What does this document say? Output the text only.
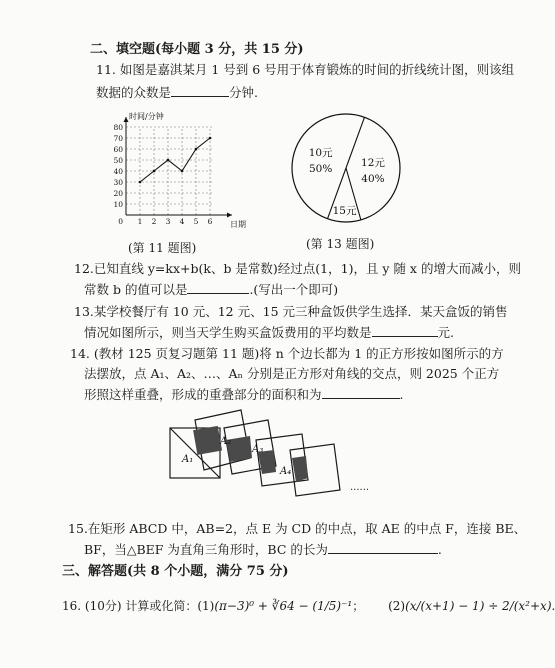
二、填空题(每小题 3 分，共 15 分)
11. 如图是嘉淇某月 1 号到 6 号用于体育锻炼的时间的折线统计图，则该组
数据的众数是	分钟.
10
20
30
40
50
60
70
80
1 2 3 4 5 6
0
时间/分钟
日期
12元
40%
15元
10元
50%
(第 11 题图)	(第 13 题图)
12.已知直线 y=kx+b(k、b 是常数)经过点(1，1)，且 y 随 x 的增大而减小，则
常数 b 的值可以是	.(写出一个即可)
13.某学校餐厅有 10 元、12 元、15 元三种盒饭供学生选择．某天盒饭的销售
情况如图所示，则当天学生购买盒饭费用的平均数是	元.
14. (教材 125 页复习题第 11 题)将 n 个边长都为 1 的正方形按如图所示的方
法摆放，点 A₁、A₂、…、Aₙ 分别是正方形对角线的交点，则 2025 个正方
形照这样重叠，形成的重叠部分的面积和为	.
A₁
A₂
A₃
A₄
......
15.在矩形 ABCD 中，AB=2，点 E 为 CD 的中点，取 AE 的中点 F，连接 BE、
BF，当△BEF 为直角三角形时，BC 的长为	.
三、解答题(共 8 个小题，满分 75 分)
16. (10分) 计算或化简：(1)(π−3)⁰ + ∛64 − (1/5)⁻¹； (2)(x/(x+1) − 1) ÷ 2/(x²+x).
